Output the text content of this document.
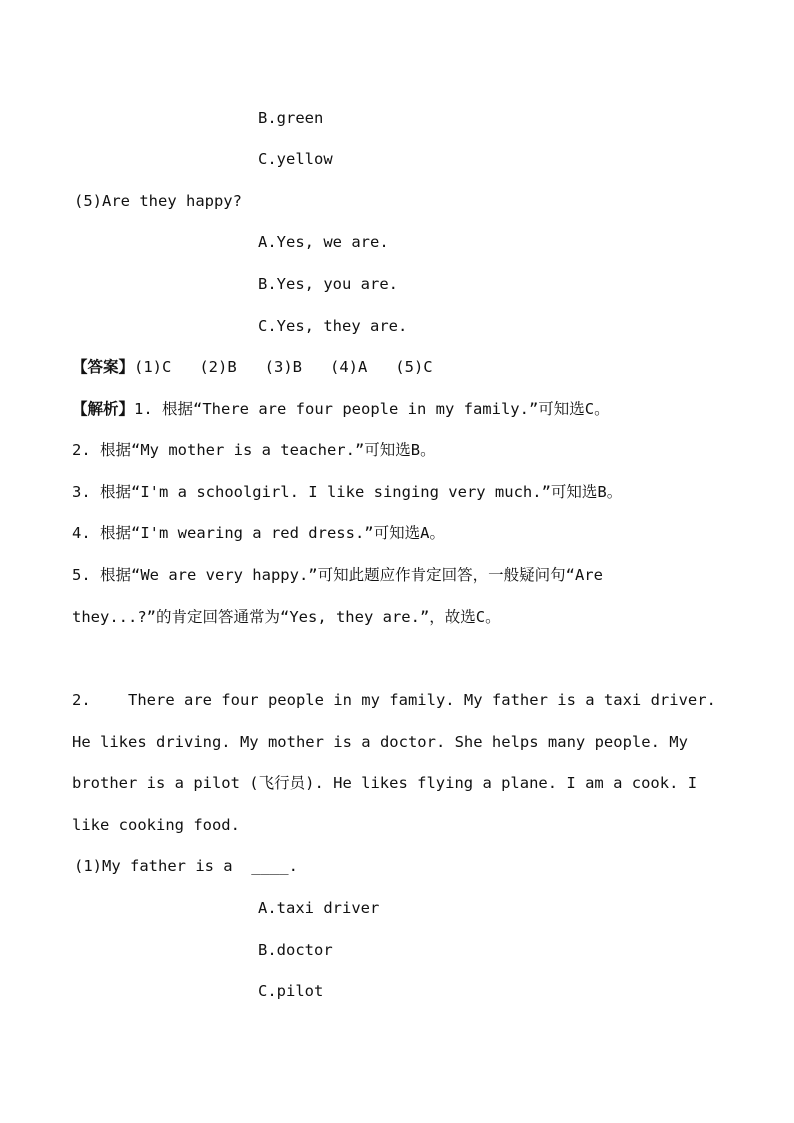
B.green
C.yellow
(5)Are they happy?
A.Yes, we are.
B.Yes, you are.
C.Yes, they are.
【答案】(1)C   (2)B   (3)B   (4)A   (5)C
【解析】1. 根据“There are four people in my family.”可知选C。
2. 根据“My mother is a teacher.”可知选B。
3. 根据“I'm a schoolgirl. I like singing very much.”可知选B。
4. 根据“I'm wearing a red dress.”可知选A。
5. 根据“We are very happy.”可知此题应作肯定回答，一般疑问句“Are
they...?”的肯定回答通常为“Yes, they are.”，故选C。
2.    There are four people in my family. My father is a taxi driver.
He likes driving. My mother is a doctor. She helps many people. My
brother is a pilot (飞行员). He likes flying a plane. I am a cook. I
like cooking food.
(1)My father is a  ____.
A.taxi driver
B.doctor
C.pilot
